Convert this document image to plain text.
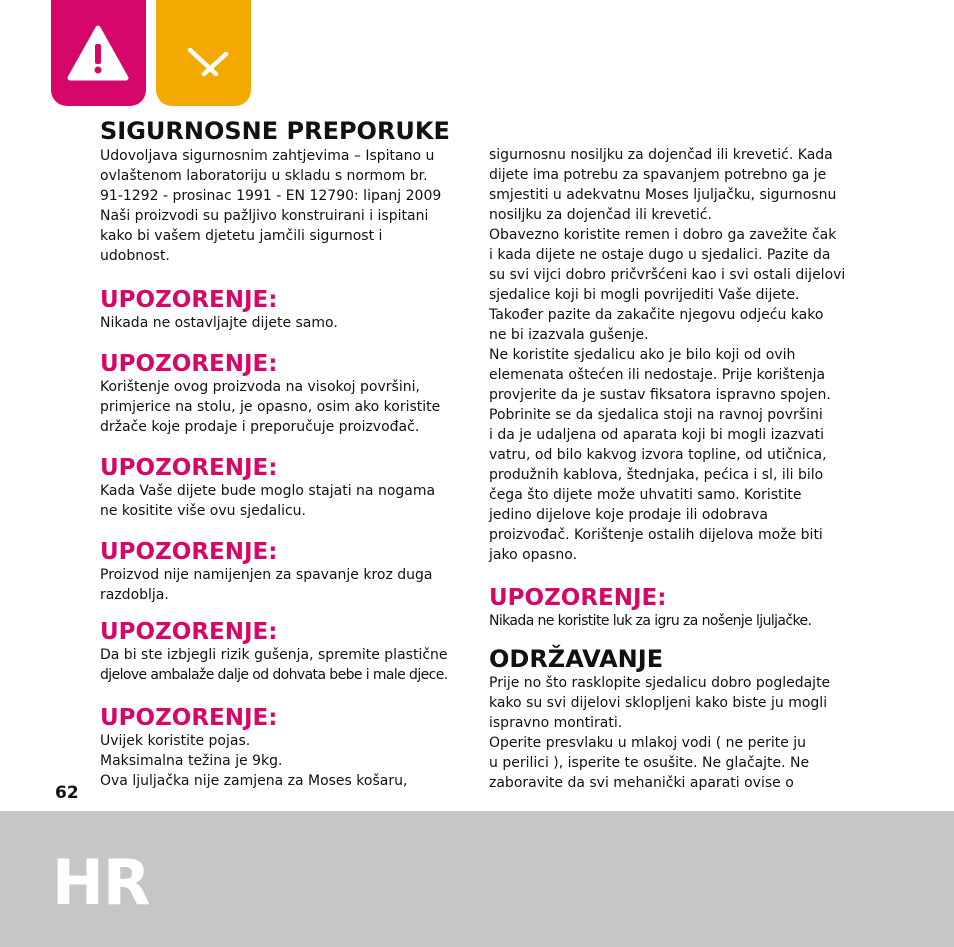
SIGURNOSNE PREPORUKE

Udovoljava sigurnosnim zahtjevima – Ispitano u
ovlaštenom laboratoriju u skladu s normom br.
91-1292 - prosinac 1991 - EN 12790: lipanj 2009
Naši proizvodi su pažljivo konstruirani i ispitani
kako bi vašem djetetu jamčili sigurnost i
udobnost.

UPOZORENJE:

Nikada ne ostavljajte dijete samo.

UPOZORENJE:

Korištenje ovog proizvoda na visokoj površini,
primjerice na stolu, je opasno, osim ako koristite
držače koje prodaje i preporučuje proizvođač.

UPOZORENJE:

Kada Vaše dijete bude moglo stajati na nogama
ne kositite više ovu sjedalicu.

UPOZORENJE:

Proizvod nije namijenjen za spavanje kroz duga
razdoblja.

UPOZORENJE:

Da bi ste izbjegli rizik gušenja, spremite plastične

djelove ambalaže dalje od dohvata bebe i male djece.

UPOZORENJE:

Uvijek koristite pojas.
Maksimalna težina je 9kg.
Ova ljuljačka nije zamjena za Moses košaru,

sigurnosnu nosiljku za dojenčad ili krevetić. Kada
dijete ima potrebu za spavanjem potrebno ga je
smjestiti u adekvatnu Moses ljuljačku, sigurnosnu
nosiljku za dojenčad ili krevetić.
Obavezno koristite remen i dobro ga zavežite čak
i kada dijete ne ostaje dugo u sjedalici. Pazite da
su svi vijci dobro pričvršćeni kao i svi ostali dijelovi
sjedalice koji bi mogli povrijediti Vaše dijete.
Također pazite da zakačite njegovu odjeću kako
ne bi izazvala gušenje.
Ne koristite sjedalicu ako je bilo koji od ovih
elemenata oštećen ili nedostaje. Prije korištenja
provjerite da je sustav fiksatora ispravno spojen.
Pobrinite se da sjedalica stoji na ravnoj površini
i da je udaljena od aparata koji bi mogli izazvati
vatru, od bilo kakvog izvora topline, od utičnica,
produžnih kablova, štednjaka, pećica i sl, ili bilo
čega što dijete može uhvatiti samo. Koristite
jedino dijelove koje prodaje ili odobrava
proizvođač. Korištenje ostalih dijelova može biti
jako opasno.

UPOZORENJE:

Nikada ne koristite luk za igru za nošenje ljuljačke.

ODRŽAVANJE

Prije no što rasklopite sjedalicu dobro pogledajte
kako su svi dijelovi sklopljeni kako biste ju mogli
ispravno montirati.
Operite presvlaku u mlakoj vodi ( ne perite ju
u perilici ), isperite te osušite. Ne glačajte. Ne
zaboravite da svi mehanički aparati ovise o

62
HR
